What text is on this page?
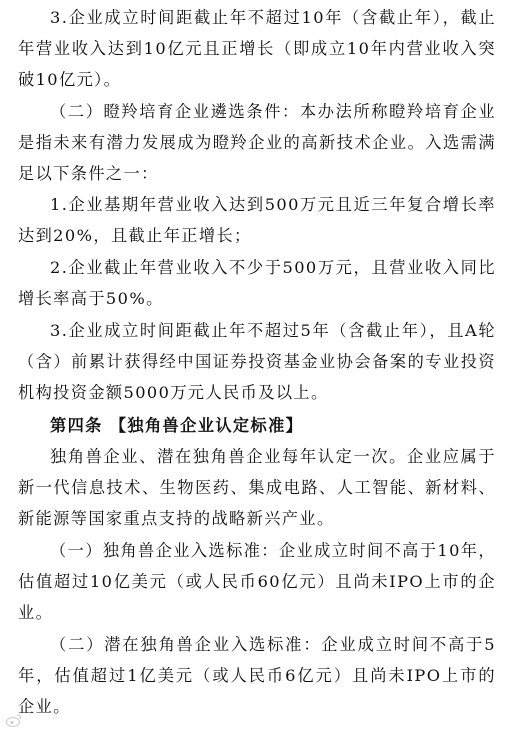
3.企业成立时间距截止年不超过10年（含截止年），截止年营业收入达到10亿元且正增长（即成立10年内营业收入突破10亿元）。

（二）瞪羚培育企业遴选条件：本办法所称瞪羚培育企业是指未来有潜力发展成为瞪羚企业的高新技术企业。入选需满足以下条件之一：

1.企业基期年营业收入达到500万元且近三年复合增长率达到20%，且截止年正增长；

2.企业截止年营业收入不少于500万元，且营业收入同比增长率高于50%。

3.企业成立时间距截止年不超过5年（含截止年），且A轮（含）前累计获得经中国证券投资基金业协会备案的专业投资机构投资金额5000万元人民币及以上。

第四条 【独角兽企业认定标准】

独角兽企业、潜在独角兽企业每年认定一次。企业应属于新一代信息技术、生物医药、集成电路、人工智能、新材料、新能源等国家重点支持的战略新兴产业。

（一）独角兽企业入选标准：企业成立时间不高于10年，估值超过10亿美元（或人民币60亿元）且尚未IPO上市的企业。

（二）潜在独角兽企业入选标准：企业成立时间不高于5年，估值超过1亿美元（或人民币6亿元）且尚未IPO上市的企业。
